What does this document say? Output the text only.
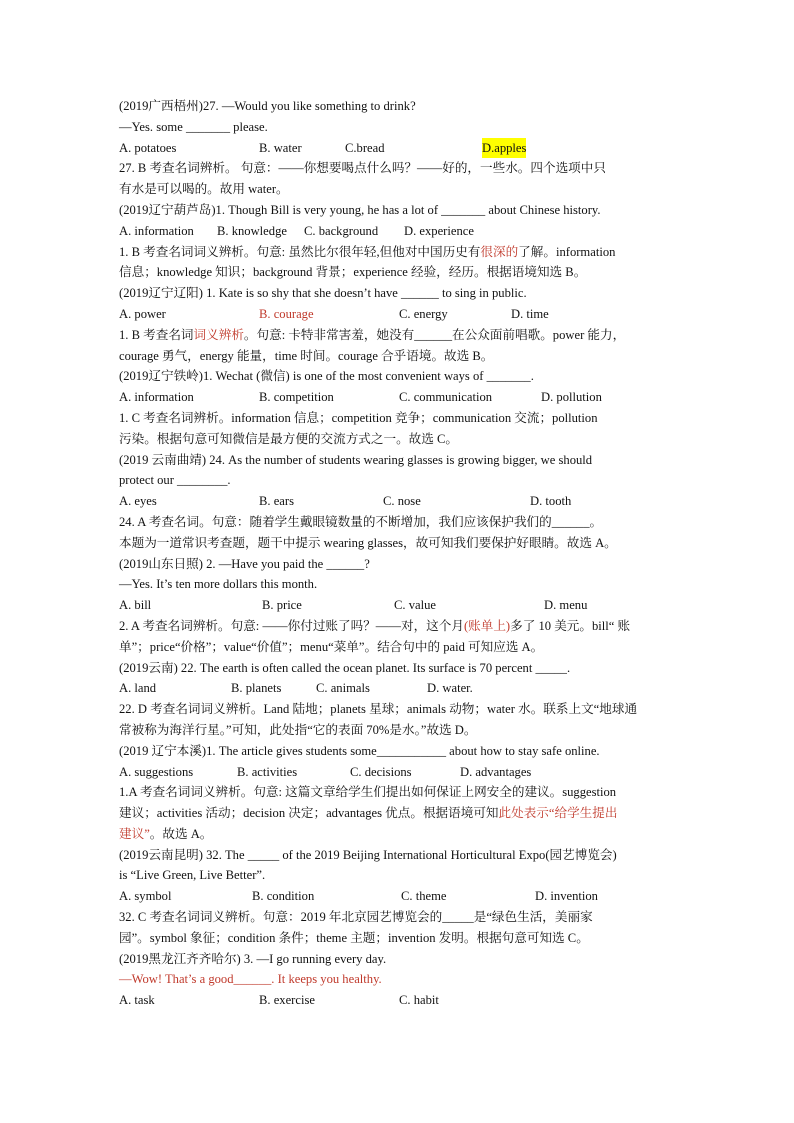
(2019广西梧州)27. —Would you like something to drink?
—Yes. some _______ please.
A. potatoes	B. water	C.bread	D.apples
27. B 考查名词辨析。 句意：——你想要喝点什么吗？——好的，一些水。四个选项中只
有水是可以喝的。故用 water。
(2019辽宁葫芦岛)1. Though Bill is very young, he has a lot of _______ about Chinese history.
A. information B. knowledge C. background D. experience
1. B 考查名词词义辨析。句意: 虽然比尔很年轻,但他对中国历史有很深的了解。information
信息；knowledge 知识；background 背景；experience 经验，经历。根据语境知选 B。
(2019辽宁辽阳) 1. Kate is so shy that she doesn’t have ______ to sing in public.
A. power	B. courage	C. energy	D. time
1. B 考查名词词义辨析。句意: 卡特非常害羞，她没有______在公众面前唱歌。power 能力，
courage 勇气，energy 能量，time 时间。courage 合乎语境。故选 B。
(2019辽宁铁岭)1. Wechat (微信) is one of the most convenient ways of _______.
A. information	B. competition	C. communication	D. pollution
1. C 考查名词辨析。information 信息；competition 竞争；communication 交流；pollution
污染。根据句意可知微信是最方便的交流方式之一。故选 C。
(2019 云南曲靖) 24. As the number of students wearing glasses is growing bigger, we should
protect our ________.
A. eyes	B. ears	C. nose	D. tooth
24. A 考查名词。句意：随着学生戴眼镜数量的不断增加，我们应该保护我们的______。
本题为一道常识考查题，题干中提示 wearing glasses，故可知我们要保护好眼睛。故选 A。
(2019山东日照) 2. —Have you paid the ______?
—Yes. It’s ten more dollars this month.
A. bill	B. price	C. value	D. menu
2. A 考查名词辨析。句意: ——你付过账了吗？——对，这个月(账单上)多了 10 美元。bill“ 账
单”；price“价格”；value“价值”；menu“菜单”。结合句中的 paid 可知应选 A。
(2019云南) 22. The earth is often called the ocean planet. Its surface is 70 percent _____.
A. land	B. planets	C. animals	D. water.
22. D 考查名词词义辨析。Land 陆地；planets 星球；animals 动物；water 水。联系上文“地球通
常被称为海洋行星。”可知，此处指“它的表面 70%是水。”故选 D。
(2019 辽宁本溪)1. The article gives students some___________ about how to stay safe online.
A. suggestions	B. activities	C. decisions	D. advantages
1.A 考查名词词义辨析。句意: 这篇文章给学生们提出如何保证上网安全的建议。suggestion
建议；activities 活动；decision 决定；advantages 优点。根据语境可知此处表示“给学生提出
建议”。故选 A。
(2019云南昆明) 32. The _____ of the 2019 Beijing International Horticultural Expo(园艺博览会)
is “Live Green, Live Better”.
A. symbol	B. condition	C. theme	D. invention
32. C 考查名词词义辨析。句意：2019 年北京园艺博览会的_____是“绿色生活，美丽家
园”。symbol 象征；condition 条件；theme 主题；invention 发明。根据句意可知选 C。
(2019黑龙江齐齐哈尔) 3. —I go running every day.
—Wow! That’s a good______. It keeps you healthy.
A. task	B. exercise	C. habit
